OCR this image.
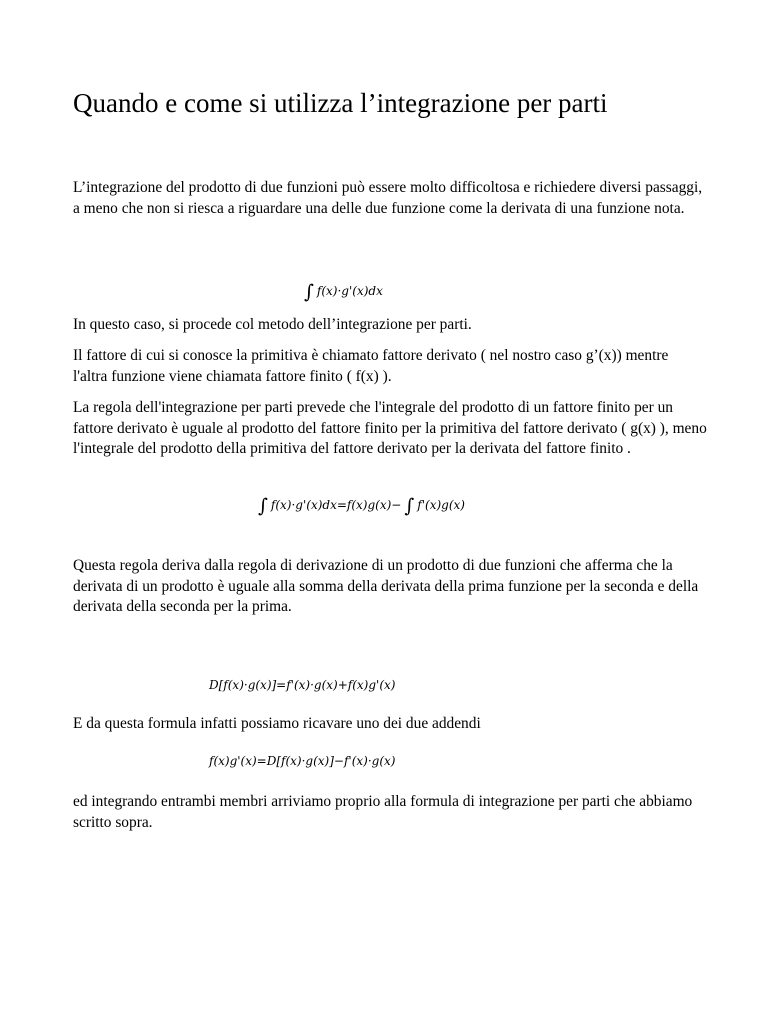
Quando e come si utilizza l’integrazione per parti
L’integrazione del prodotto di due funzioni può essere molto difficoltosa e richiedere diversi passaggi, a meno che non si riesca a riguardare una delle due funzione come la derivata di una funzione nota.
∫ f(x)·g'(x)dx
In questo caso, si procede col metodo dell’integrazione per parti.
Il fattore di cui si conosce la primitiva è chiamato fattore derivato ( nel nostro caso g’(x)) mentre l'altra funzione viene chiamata fattore finito ( f(x) ).
La regola dell'integrazione per parti prevede che l'integrale del prodotto di un fattore finito per un fattore derivato è uguale al prodotto del fattore finito per la primitiva del fattore derivato ( g(x) ), meno l'integrale del prodotto della primitiva del fattore derivato per la derivata del fattore finito .
∫ f(x)·g'(x)dx=f(x)g(x)− ∫ f'(x)g(x)
Questa regola deriva dalla regola di derivazione di un prodotto di due funzioni che afferma che la derivata di un prodotto è uguale alla somma della derivata della prima funzione per la seconda e della derivata della seconda per la prima.
D[f(x)·g(x)]=f'(x)·g(x)+f(x)g'(x)
E da questa formula infatti possiamo ricavare uno dei due addendi
f(x)g'(x)=D[f(x)·g(x)]−f'(x)·g(x)
ed integrando entrambi membri arriviamo proprio alla formula di integrazione per parti che abbiamo scritto sopra.
